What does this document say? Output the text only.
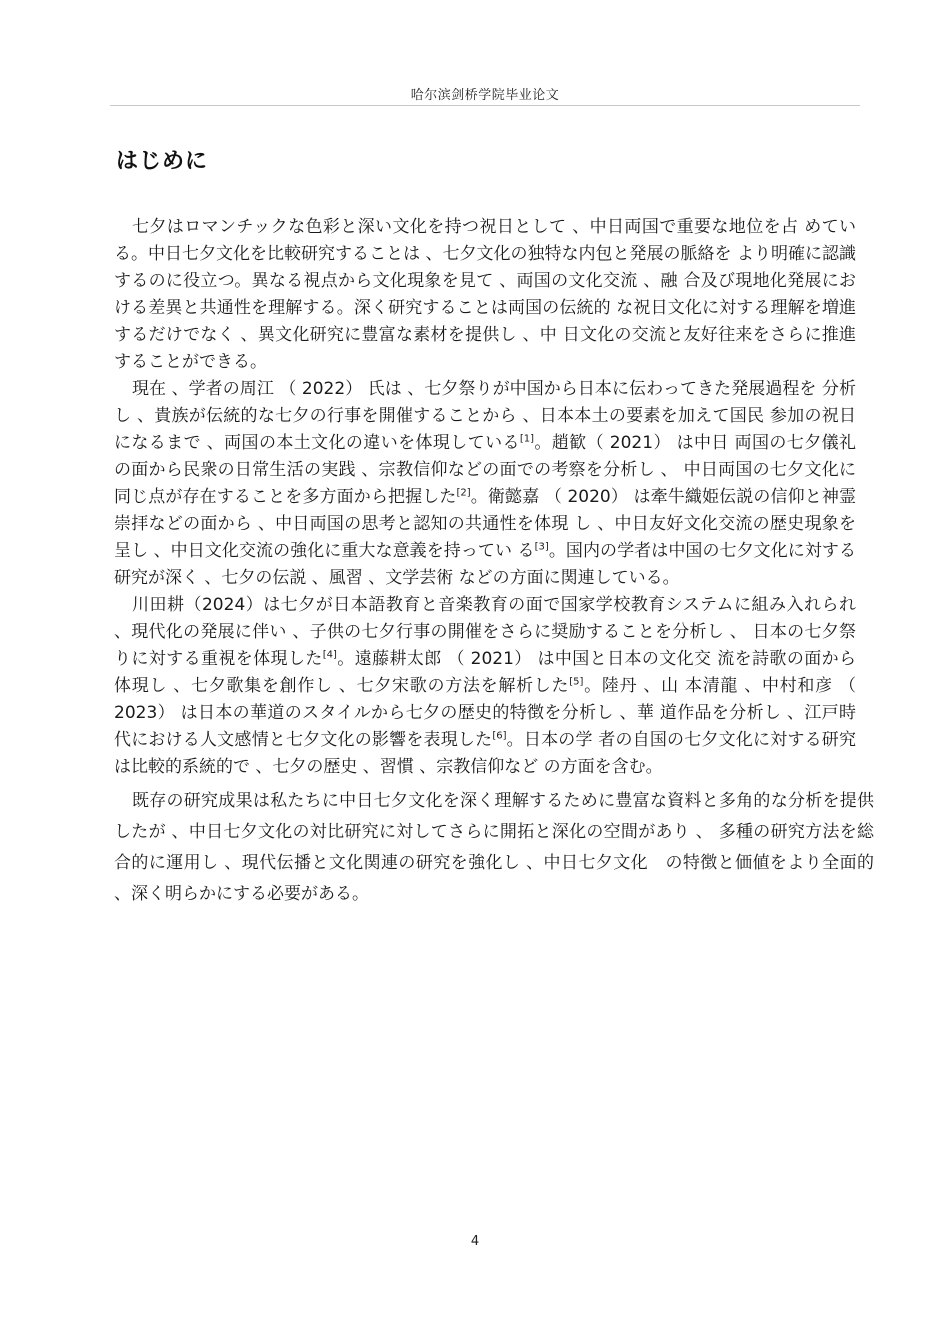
哈尔滨剑桥学院毕业论文
はじめに

七夕はロマンチックな色彩と深い文化を持つ祝日として 、中日両国で重要な地位を占 めている。中日七夕文化を比較研究することは 、七夕文化の独特な内包と発展の脈絡を より明確に認識するのに役立つ。異なる視点から文化現象を見て 、両国の文化交流 、融 合及び現地化発展における差異と共通性を理解する。深く研究することは両国の伝統的 な祝日文化に対する理解を増進するだけでなく 、異文化研究に豊富な素材を提供し 、中 日文化の交流と友好往来をさらに推進することができる。

現在 、学者の周江 （ 2022） 氏は 、七夕祭りが中国から日本に伝わってきた発展過程を 分析し 、貴族が伝統的な七夕の行事を開催することから 、日本本土の要素を加えて国民 参加の祝日になるまで 、両国の本土文化の違いを体現している[1]。趙歓（ 2021） は中日 両国の七夕儀礼の面から民衆の日常生活の実践 、宗教信仰などの面での考察を分析し 、 中日両国の七夕文化に同じ点が存在することを多方面から把握した[2]。衛懿嘉 （ 2020） は牽牛織姫伝説の信仰と神霊崇拝などの面から 、中日両国の思考と認知の共通性を体現 し 、中日友好文化交流の歴史現象を呈し 、中日文化交流の強化に重大な意義を持ってい る[3]。国内の学者は中国の七夕文化に対する研究が深く 、七夕の伝説 、風習 、文学芸術 などの方面に関連している。

川田耕（2024）は七夕が日本語教育と音楽教育の面で国家学校教育システムに組み入れられ 、現代化の発展に伴い 、子供の七夕行事の開催をさらに奨励することを分析し 、 日本の七夕祭りに対する重視を体現した[4]。遠藤耕太郎 （ 2021） は中国と日本の文化交 流を詩歌の面から体現し 、七夕歌集を創作し 、七夕宋歌の方法を解析した[5]。陸丹 、山 本清龍 、中村和彦 （ 2023） は日本の華道のスタイルから七夕の歴史的特徴を分析し 、華 道作品を分析し 、江戸時代における人文感情と七夕文化の影響を表現した[6]。日本の学 者の自国の七夕文化に対する研究は比較的系統的で 、七夕の歴史 、習慣 、宗教信仰など の方面を含む。

既存の研究成果は私たちに中日七夕文化を深く理解するために豊富な資料と多角的な分析を提供したが 、中日七夕文化の対比研究に対してさらに開拓と深化の空間があり 、 多種の研究方法を総合的に運用し 、現代伝播と文化関連の研究を強化し 、中日七夕文化　の特徴と価値をより全面的 、深く明らかにする必要がある。

4
